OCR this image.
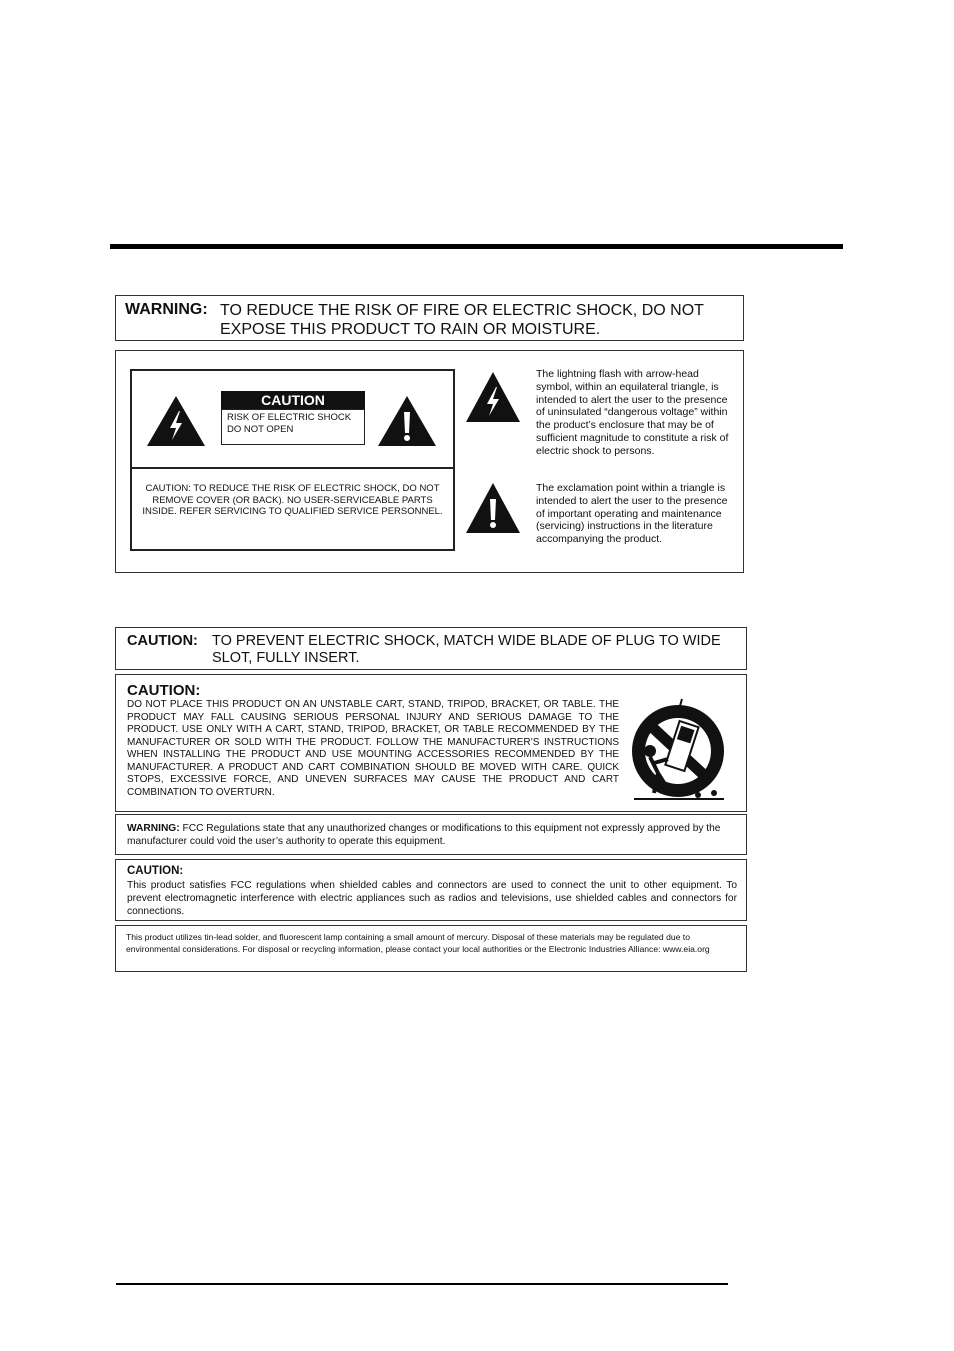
WARNING: TO REDUCE THE RISK OF FIRE OR ELECTRIC SHOCK, DO NOT EXPOSE THIS PRODUCT TO RAIN OR MOISTURE.
CAUTION
RISK OF ELECTRIC SHOCK
DO NOT OPEN
CAUTION: TO REDUCE THE RISK OF ELECTRIC SHOCK, DO NOT REMOVE COVER (OR BACK). NO USER-SERVICEABLE PARTS INSIDE. REFER SERVICING TO QUALIFIED SERVICE PERSONNEL.
The lightning flash with arrow-head symbol, within an equilateral triangle, is intended to alert the user to the presence of uninsulated “dangerous voltage” within the product’s enclosure that may be of sufficient magnitude to constitute a risk of electric shock to persons.
The exclamation point within a triangle is intended to alert the user to the presence of important operating and maintenance (servicing) instructions in the literature accompanying the product.
CAUTION: TO PREVENT ELECTRIC SHOCK, MATCH WIDE BLADE OF PLUG TO WIDE SLOT, FULLY INSERT.
CAUTION:
DO NOT PLACE THIS PRODUCT ON AN UNSTABLE CART, STAND, TRIPOD, BRACKET, OR TABLE. THE PRODUCT MAY FALL CAUSING SERIOUS PERSONAL INJURY AND SERIOUS DAMAGE TO THE PRODUCT. USE ONLY WITH A CART, STAND, TRIPOD, BRACKET, OR TABLE RECOMMENDED BY THE MANUFACTURER OR SOLD WITH THE PRODUCT. FOLLOW THE MANUFACTURER’S INSTRUCTIONS WHEN INSTALLING THE PRODUCT AND USE MOUNTING ACCESSORIES RECOMMENDED BY THE MANUFACTURER. A PRODUCT AND CART COMBINATION SHOULD BE MOVED WITH CARE. QUICK STOPS, EXCESSIVE FORCE, AND UNEVEN SURFACES MAY CAUSE THE PRODUCT AND CART COMBINATION TO OVERTURN.
WARNING: FCC Regulations state that any unauthorized changes or modifications to this equipment not expressly approved by the manufacturer could void the user’s authority to operate this equipment.
CAUTION:
This product satisfies FCC regulations when shielded cables and connectors are used to connect the unit to other equipment. To prevent electromagnetic interference with electric appliances such as radios and televisions, use shielded cables and connectors for connections.
This product utilizes tin-lead solder, and fluorescent lamp containing a small amount of mercury. Disposal of these materials may be regulated due to environmental considerations. For disposal or recycling information, please contact your local authorities or the Electronic Industries Alliance: www.eia.org
